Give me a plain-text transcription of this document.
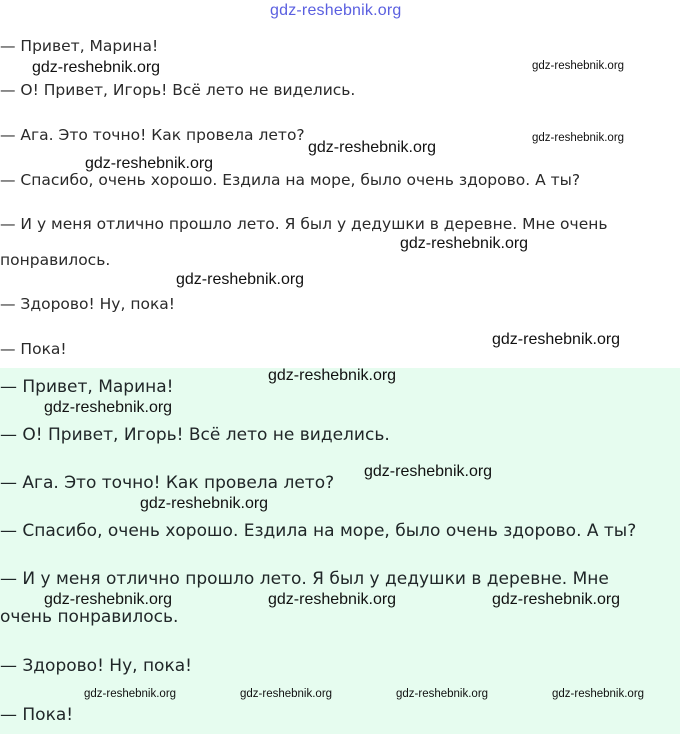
gdz-reshebnik.org
— Привет, Марина!
— О! Привет, Игорь! Всё лето не виделись.
— Ага. Это точно! Как провела лето?
— Спасибо, очень хорошо. Ездила на море, было очень здорово. А ты?
— И у меня отлично прошло лето. Я был у дедушки в деревне. Мне очень понравилось.
— Здорово! Ну, пока!
— Пока!
— Привет, Марина!
— О! Привет, Игорь! Всё лето не виделись.
— Ага. Это точно! Как провела лето?
— Спасибо, очень хорошо. Ездила на море, было очень здорово. А ты?
— И у меня отлично прошло лето. Я был у дедушки в деревне. Мне очень понравилось.
— Здорово! Ну, пока!
— Пока!
gdz-reshebnik.org	gdz-reshebnik.org
gdz-reshebnik.org
gdz-reshebnik.org
gdz-reshebnik.org
gdz-reshebnik.org
gdz-reshebnik.org
gdz-reshebnik.org
gdz-reshebnik.org
gdz-reshebnik.org
gdz-reshebnik.org
gdz-reshebnik.org
gdz-reshebnik.org	gdz-reshebnik.org	gdz-reshebnik.org
gdz-reshebnik.org	gdz-reshebnik.org	gdz-reshebnik.org	gdz-reshebnik.org
